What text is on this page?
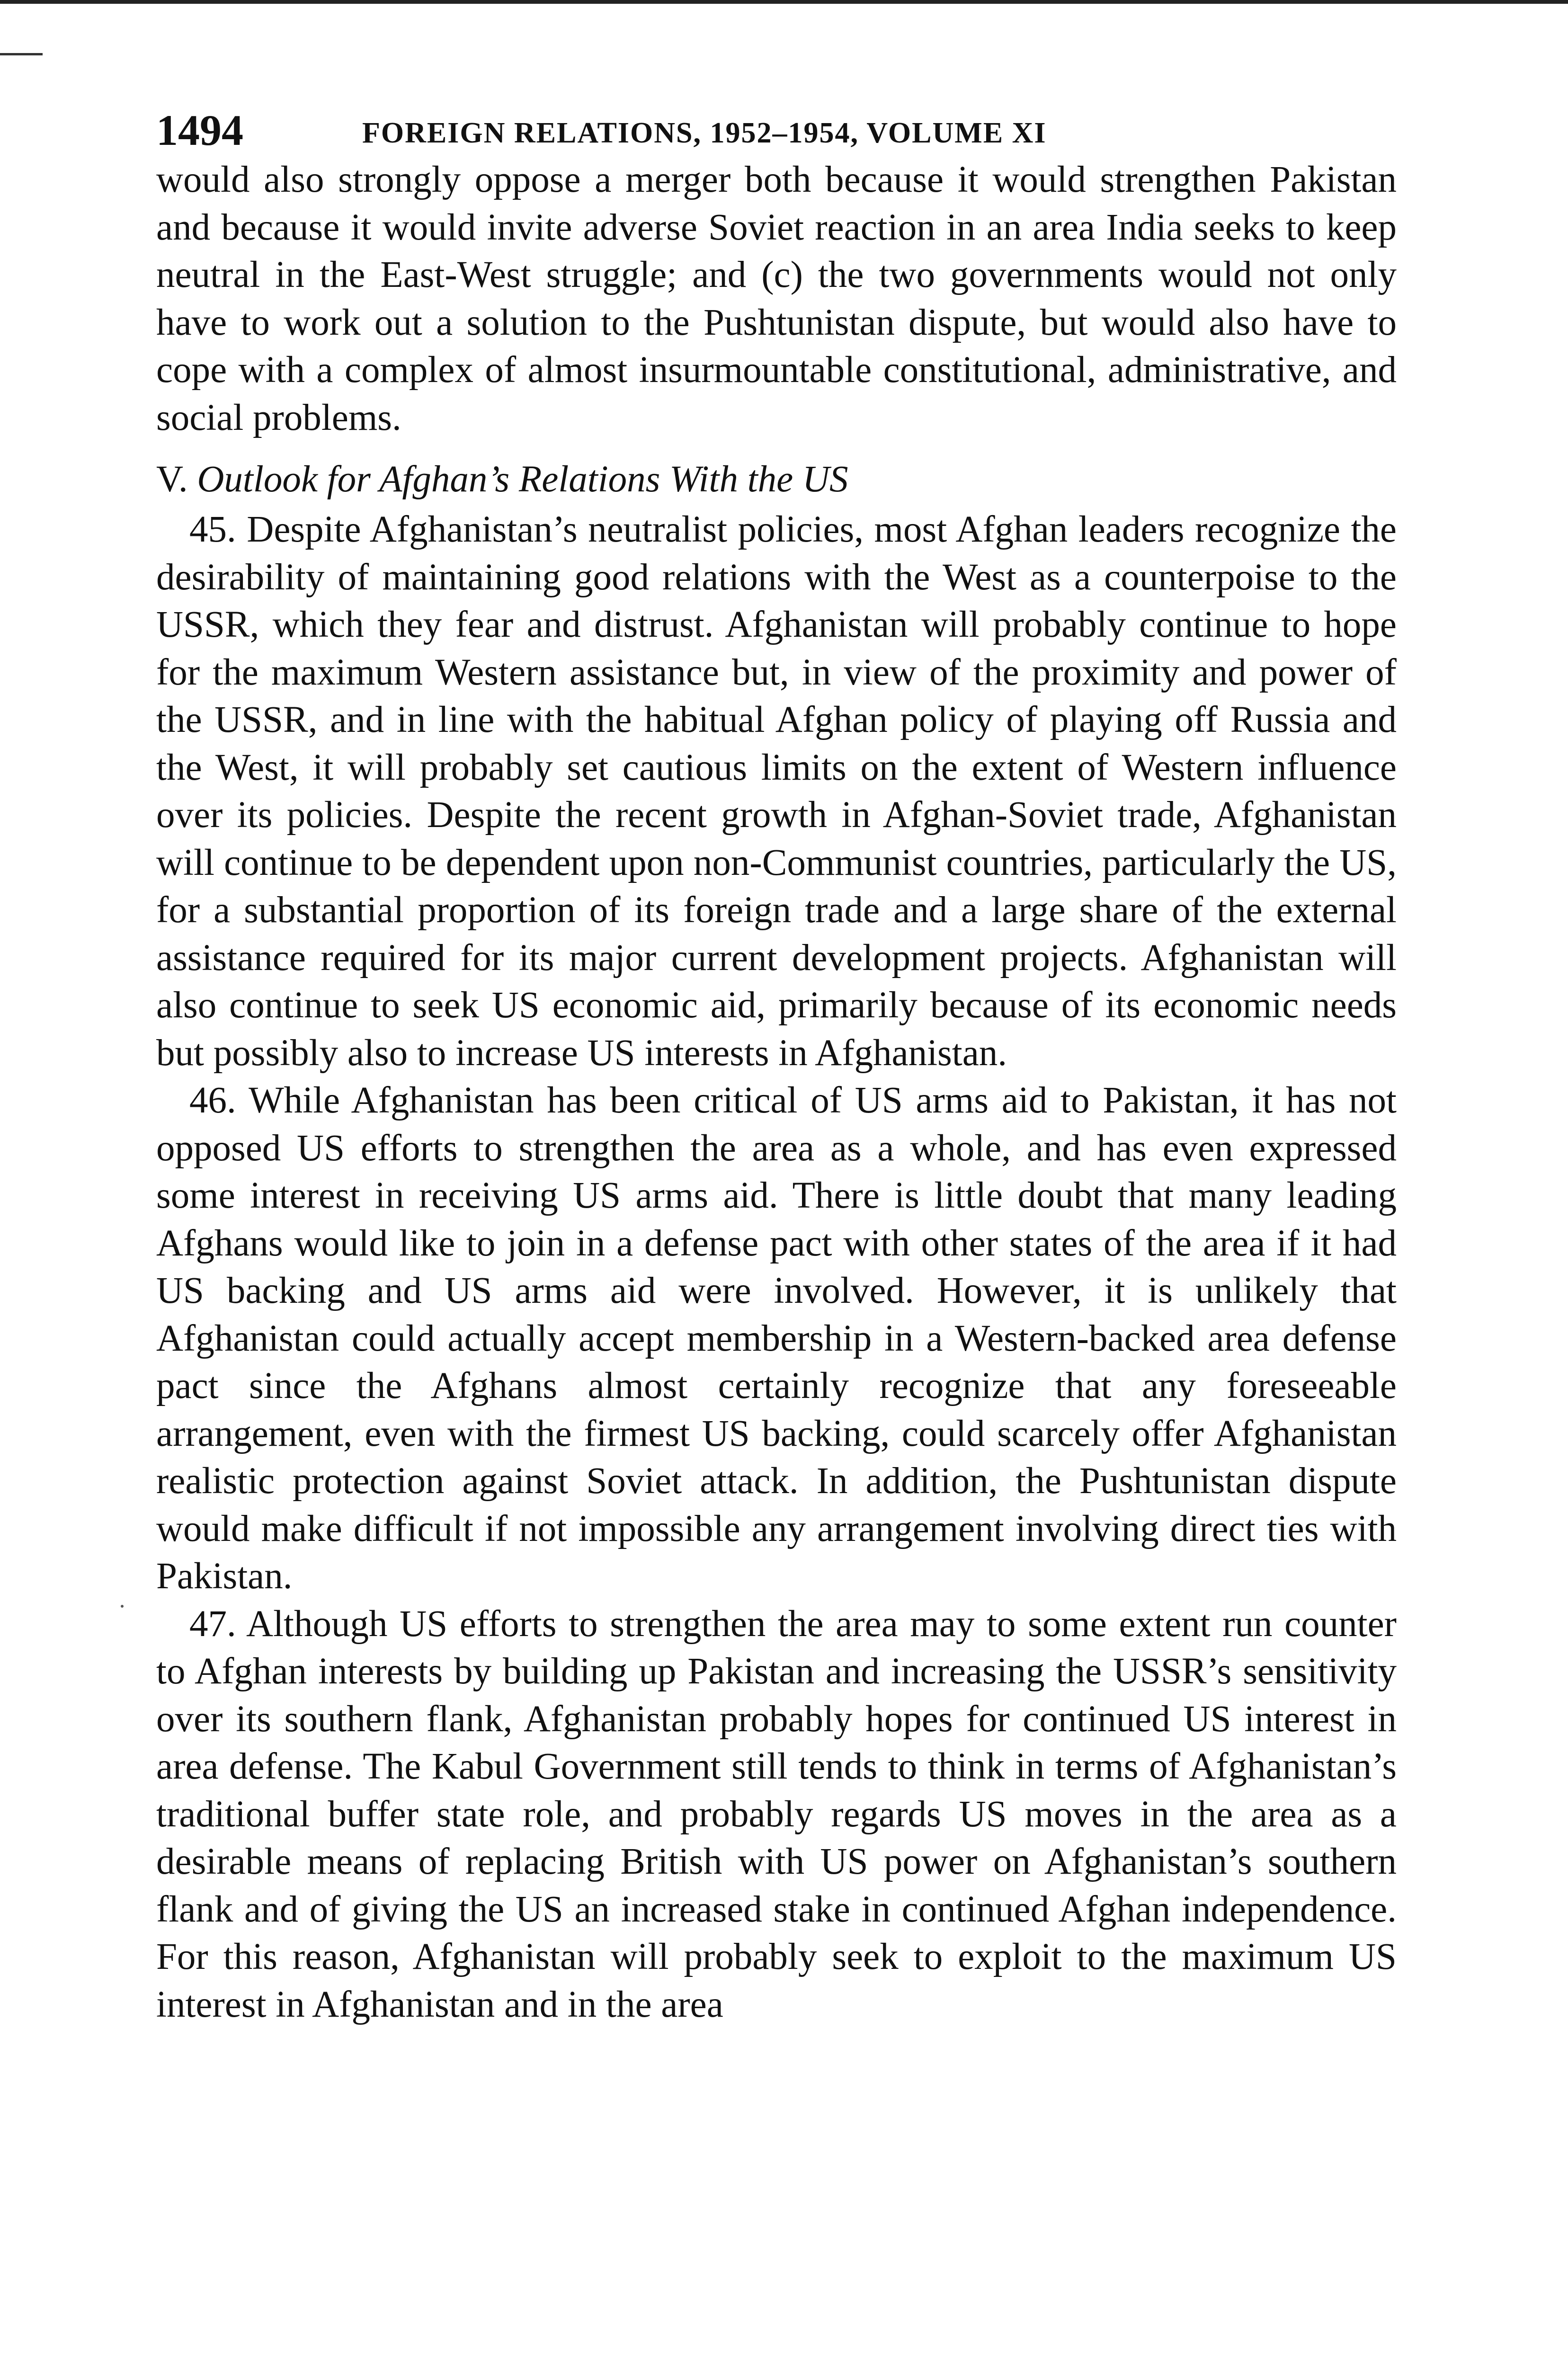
1494	FOREIGN RELATIONS, 1952–1954, VOLUME XI

would also strongly oppose a merger both because it would strengthen Pakistan and because it would invite adverse Soviet reaction in an area India seeks to keep neutral in the East-West struggle; and (c) the two governments would not only have to work out a solution to the Pushtunistan dispute, but would also have to cope with a complex of almost insurmountable constitutional, administrative, and social problems.

V. Outlook for Afghan’s Relations With the US

45. Despite Afghanistan’s neutralist policies, most Afghan leaders recognize the desirability of maintaining good relations with the West as a counterpoise to the USSR, which they fear and distrust. Afghanistan will probably continue to hope for the maximum Western assistance but, in view of the proximity and power of the USSR, and in line with the habitual Afghan policy of playing off Russia and the West, it will probably set cautious limits on the extent of Western influence over its policies. Despite the recent growth in Afghan-Soviet trade, Afghanistan will continue to be dependent upon non-Communist countries, particularly the US, for a substantial proportion of its foreign trade and a large share of the external assistance required for its major current development projects. Afghanistan will also continue to seek US economic aid, primarily because of its economic needs but possibly also to increase US interests in Afghanistan.

46. While Afghanistan has been critical of US arms aid to Pakistan, it has not opposed US efforts to strengthen the area as a whole, and has even expressed some interest in receiving US arms aid. There is little doubt that many leading Afghans would like to join in a defense pact with other states of the area if it had US backing and US arms aid were involved. However, it is unlikely that Afghanistan could actually accept membership in a Western-backed area defense pact since the Afghans almost certainly recognize that any foreseeable arrangement, even with the firmest US backing, could scarcely offer Afghanistan realistic protection against Soviet attack. In addition, the Pushtunistan dispute would make difficult if not impossible any arrangement involving direct ties with Pakistan.

47. Although US efforts to strengthen the area may to some extent run counter to Afghan interests by building up Pakistan and increasing the USSR’s sensitivity over its southern flank, Afghanistan probably hopes for continued US interest in area defense. The Kabul Government still tends to think in terms of Afghanistan’s traditional buffer state role, and probably regards US moves in the area as a desirable means of replacing British with US power on Afghanistan’s southern flank and of giving the US an increased stake in continued Afghan independence. For this reason, Afghanistan will probably seek to exploit to the maximum US interest in Afghanistan and in the area
